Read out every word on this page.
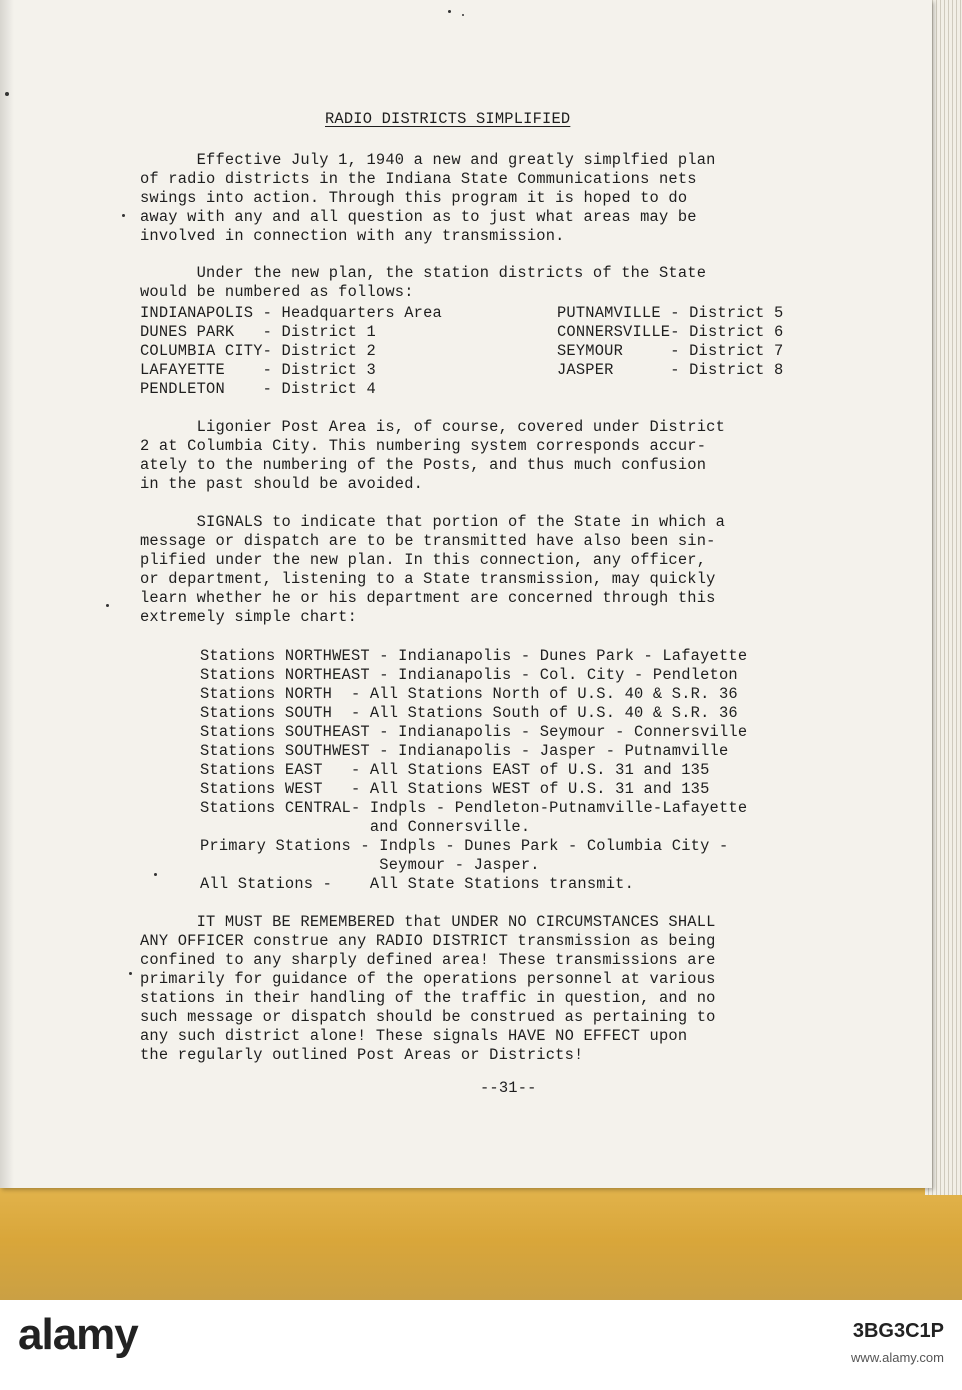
RADIO DISTRICTS SIMPLIFIED

Effective July 1, 1940 a new and greatly simplfied plan
of radio districts in the Indiana State Communications nets
swings into action. Through this program it is hoped to do
away with any and all question as to just what areas may be
involved in connection with any transmission.

Under the new plan, the station districts of the State
would be numbered as follows:

INDIANAPOLIS - Headquarters Area
DUNES PARK   - District 1
COLUMBIA CITY- District 2
LAFAYETTE    - District 3
PENDLETON    - District 4

PUTNAMVILLE - District 5
CONNERSVILLE- District 6
SEYMOUR     - District 7
JASPER      - District 8

Ligonier Post Area is, of course, covered under District
2 at Columbia City. This numbering system corresponds accur-
ately to the numbering of the Posts, and thus much confusion
in the past should be avoided.

SIGNALS to indicate that portion of the State in which a
message or dispatch are to be transmitted have also been sin-
plified under the new plan. In this connection, any officer,
or department, listening to a State transmission, may quickly
learn whether he or his department are concerned through this
extremely simple chart:

Stations NORTHWEST - Indianapolis - Dunes Park - Lafayette
Stations NORTHEAST - Indianapolis - Col. City - Pendleton
Stations NORTH  - All Stations North of U.S. 40 & S.R. 36
Stations SOUTH  - All Stations South of U.S. 40 & S.R. 36
Stations SOUTHEAST - Indianapolis - Seymour - Connersville
Stations SOUTHWEST - Indianapolis - Jasper - Putnamville
Stations EAST   - All Stations EAST of U.S. 31 and 135
Stations WEST   - All Stations WEST of U.S. 31 and 135
Stations CENTRAL- Indpls - Pendleton-Putnamville-Lafayette
and Connersville.
Primary Stations - Indpls - Dunes Park - Columbia City -
Seymour - Jasper.
All Stations -    All State Stations transmit.

IT MUST BE REMEMBERED that UNDER NO CIRCUMSTANCES SHALL
ANY OFFICER construe any RADIO DISTRICT transmission as being
confined to any sharply defined area! These transmissions are
primarily for guidance of the operations personnel at various
stations in their handling of the traffic in question, and no
such message or dispatch should be construed as pertaining to
any such district alone! These signals HAVE NO EFFECT upon
the regularly outlined Post Areas or Districts!

--31--

alamy	3BG3C1P
www.alamy.com
